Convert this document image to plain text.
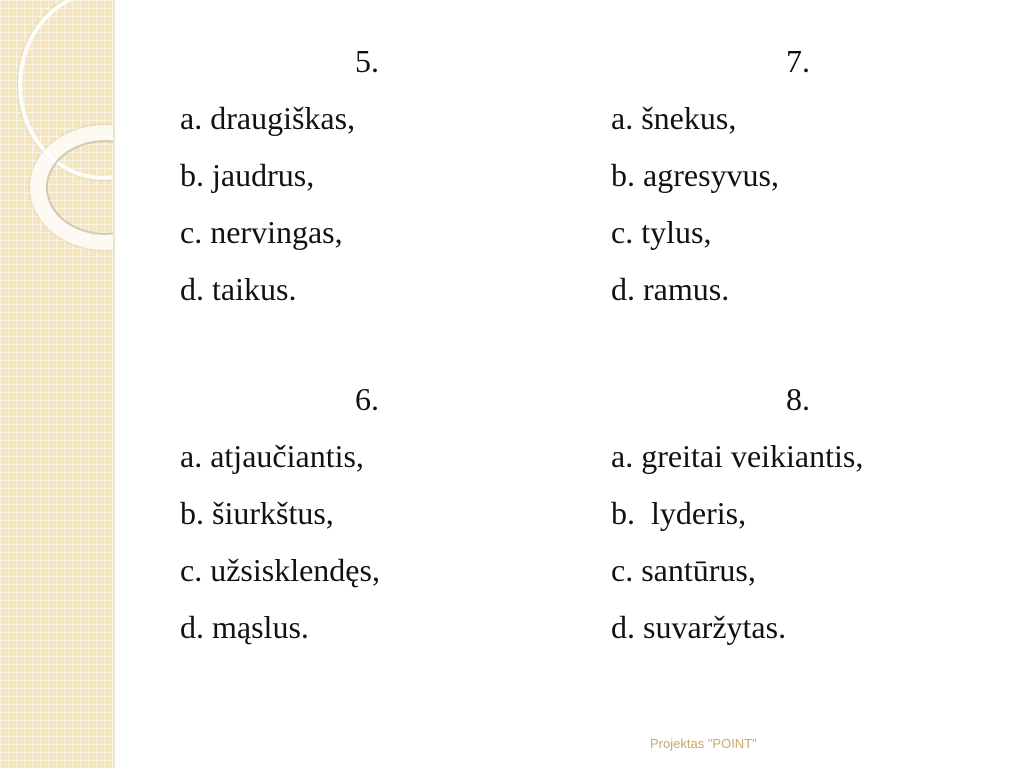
5.
a. draugiškas,
b. jaudrus,
c. nervingas,
d. taikus.
7.
a. šnekus,
b. agresyvus,
c. tylus,
d. ramus.
6.
a. atjaučiantis,
b. šiurkštus,
c. užsisklendęs,
d. mąslus.
8.
a. greitai veikiantis,
b.  lyderis,
c. santūrus,
d. suvaržytas.
Projektas "POINT"
